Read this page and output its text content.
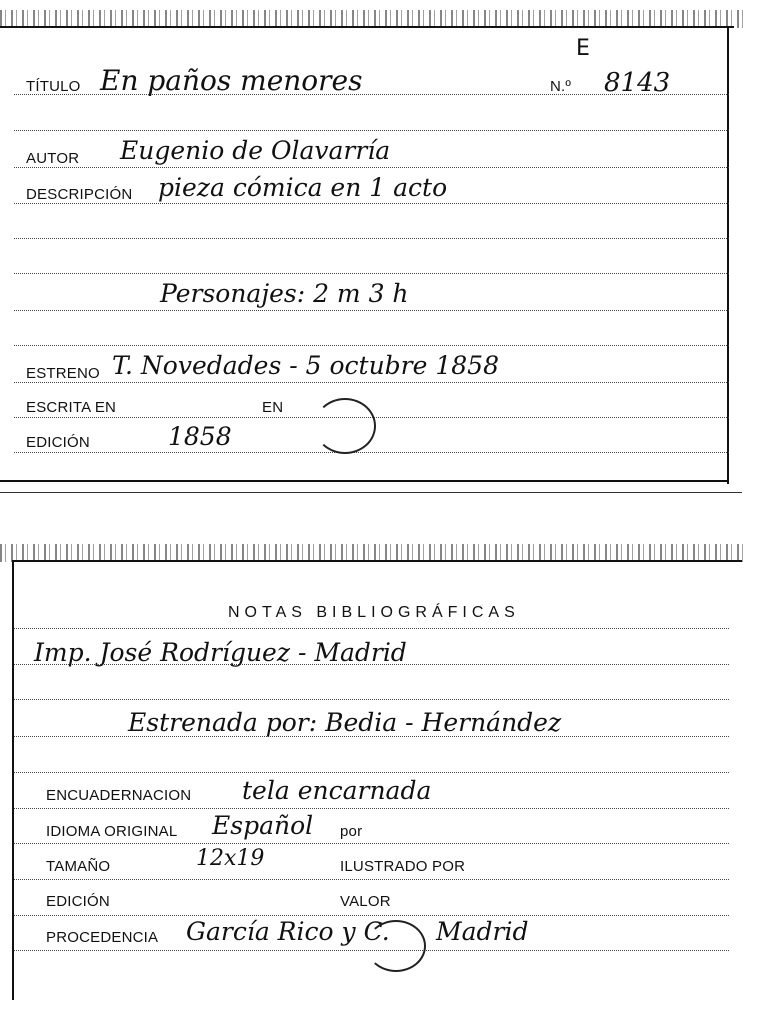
TÍTULO En paños menores
E
N.º 8143
AUTOR Eugenio de Olavarría
DESCRIPCIÓN pieza cómica en 1 acto
Personajes: 2 m 3 h
ESTRENO T. Novedades - 5 octubre 1858
ESCRITA EN	EN
EDICIÓN	1858
NOTAS BIBLIOGRÁFICAS
Imp. José Rodríguez - Madrid
Estrenada por: Bedia - Hernández
ENCUADERNACION tela encarnada
IDIOMA ORIGINAL Español por
TAMAÑO	12x19	ILUSTRADO POR
EDICIÓN	VALOR
PROCEDENCIA García Rico y C. Madrid
